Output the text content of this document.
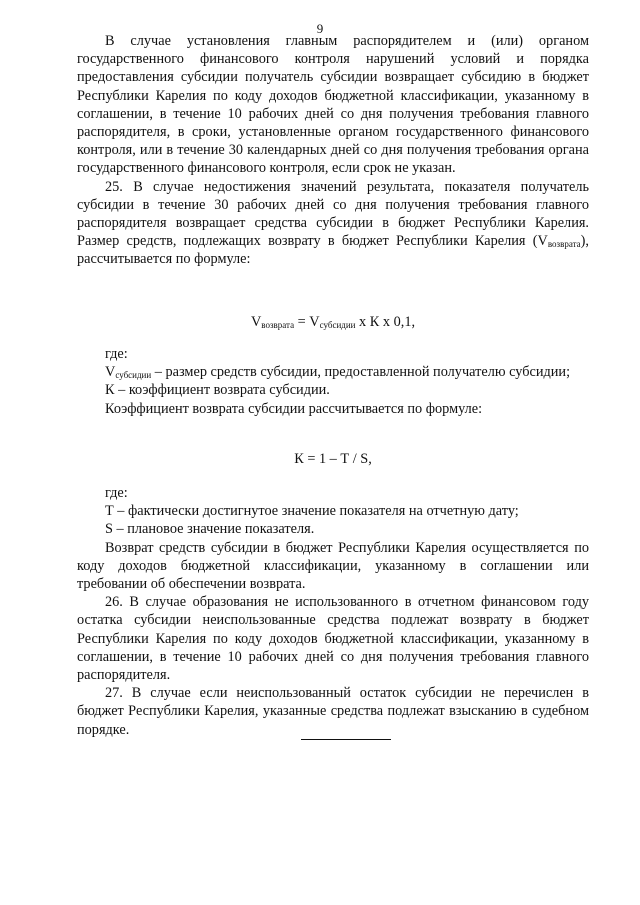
9

В случае установления главным распорядителем и (или) органом государственного финансового контроля нарушений условий и порядка предоставления субсидии получатель субсидии возвращает субсидию в бюджет Республики Карелия по коду доходов бюджетной классификации, указанному в соглашении, в течение 10 рабочих дней со дня получения требования главного распорядителя, в сроки, установленные органом государственного финансового контроля, или в течение 30 календарных дней со дня получения требования органа государственного финансового контроля, если срок не указан.

25. В случае недостижения значений результата, показателя получатель субсидии в течение 30 рабочих дней со дня получения требования главного распорядителя возвращает средства субсидии в бюджет Республики Карелия. Размер средств, подлежащих возврату в бюджет Республики Карелия $(V_{возврата})$, рассчитывается по формуле:

$V_{возврата} = V_{субсидии}$ x К x 0,1,

где:

$V_{субсидии}$ – размер средств субсидии, предоставленной получателю субсидии;

К – коэффициент возврата субсидии.

Коэффициент возврата субсидии рассчитывается по формуле:

К = 1 – Т / S,

где:

Т – фактически достигнутое значение показателя на отчетную дату;

S – плановое значение показателя.

Возврат средств субсидии в бюджет Республики Карелия осуществляется по коду доходов бюджетной классификации, указанному в соглашении или требовании об обеспечении возврата.

26. В случае образования не использованного в отчетном финансовом году остатка субсидии неиспользованные средства подлежат возврату в бюджет Республики Карелия по коду доходов бюджетной классификации, указанному в соглашении, в течение 10 рабочих дней со дня получения требования главного распорядителя.

27. В случае если неиспользованный остаток субсидии не перечислен в бюджет Республики Карелия, указанные средства подлежат взысканию в судебном порядке.
